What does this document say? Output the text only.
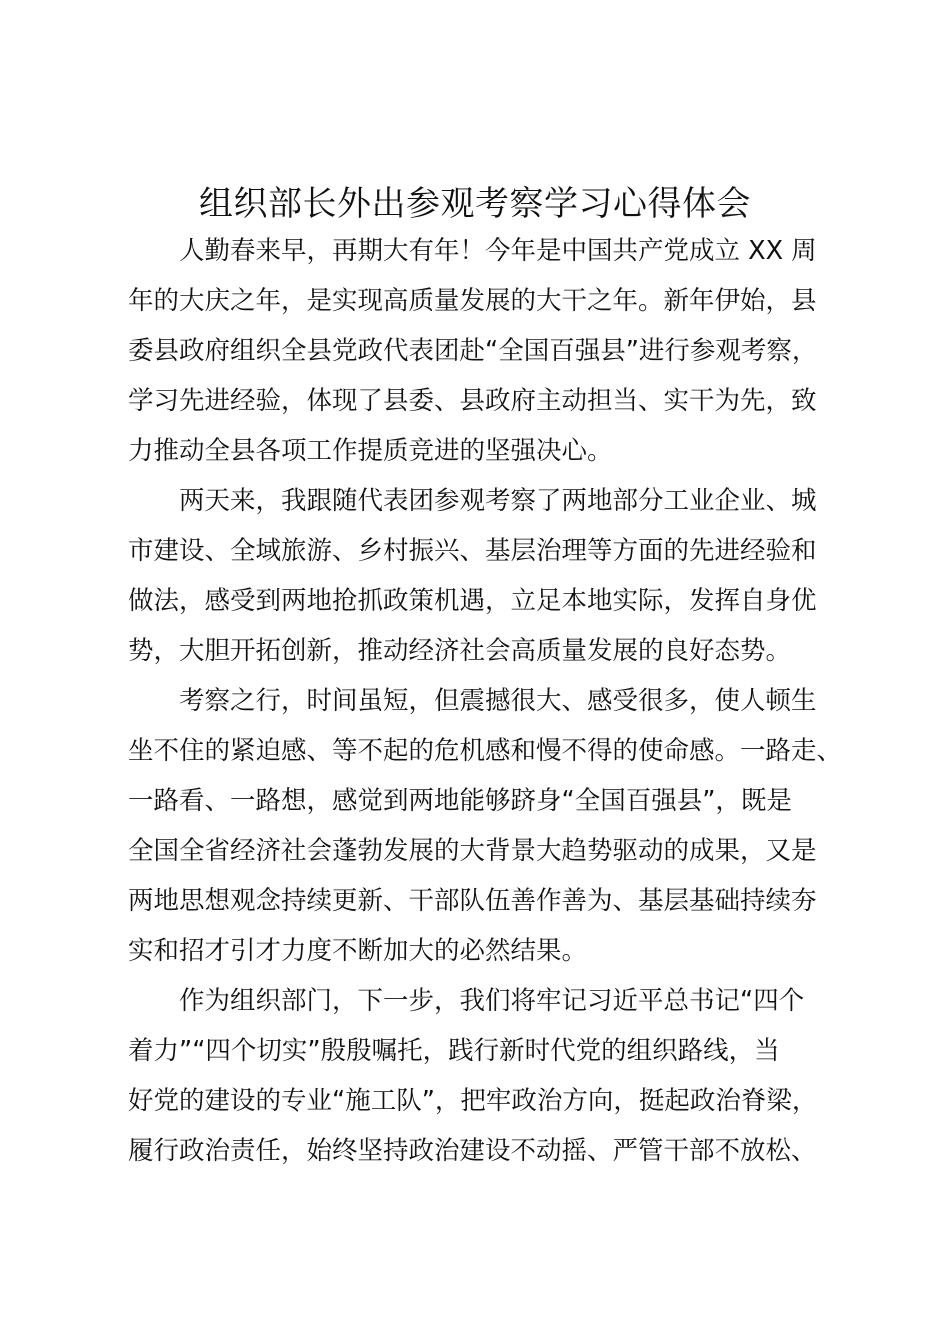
组织部长外出参观考察学习心得体会
人勤春来早，再期大有年！今年是中国共产党成立 XX 周
年的大庆之年，是实现高质量发展的大干之年。新年伊始，县
委县政府组织全县党政代表团赴“全国百强县”进行参观考察，
学习先进经验，体现了县委、县政府主动担当、实干为先，致
力推动全县各项工作提质竞进的坚强决心。
两天来，我跟随代表团参观考察了两地部分工业企业、城
市建设、全域旅游、乡村振兴、基层治理等方面的先进经验和
做法，感受到两地抢抓政策机遇，立足本地实际，发挥自身优
势，大胆开拓创新，推动经济社会高质量发展的良好态势。
考察之行，时间虽短，但震撼很大、感受很多，使人顿生
坐不住的紧迫感、等不起的危机感和慢不得的使命感。一路走、
一路看、一路想，感觉到两地能够跻身“全国百强县”，既是
全国全省经济社会蓬勃发展的大背景大趋势驱动的成果，又是
两地思想观念持续更新、干部队伍善作善为、基层基础持续夯
实和招才引才力度不断加大的必然结果。
作为组织部门，下一步，我们将牢记习近平总书记“四个
着力”“四个切实”殷殷嘱托，践行新时代党的组织路线，当
好党的建设的专业“施工队”，把牢政治方向，挺起政治脊梁，
履行政治责任，始终坚持政治建设不动摇、严管干部不放松、
